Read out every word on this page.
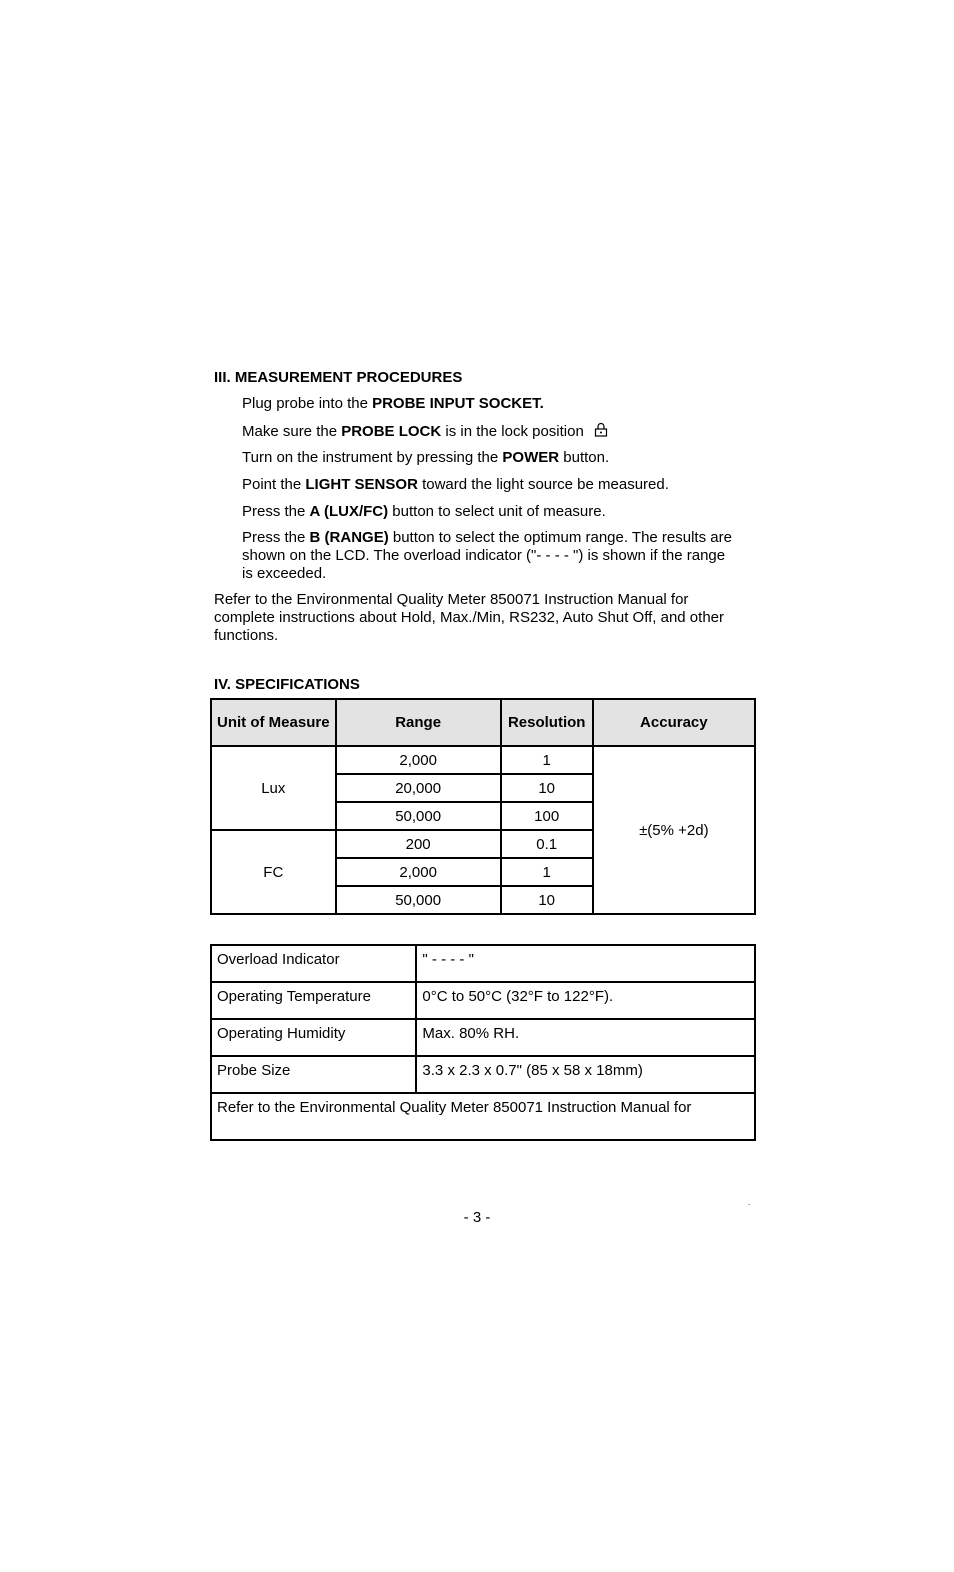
III. MEASUREMENT PROCEDURES
Plug probe into the PROBE INPUT SOCKET.
Make sure the PROBE LOCK is in the lock position
Turn on the instrument by pressing the POWER button.
Point the LIGHT SENSOR toward the light source be measured.
Press the A (LUX/FC) button to select unit of measure.
Press the B (RANGE) button to select the optimum range. The results are shown on the LCD. The overload indicator ("- - - - ") is shown if the range is exceeded.
Refer to the Environmental Quality Meter 850071 Instruction Manual for complete instructions about Hold, Max./Min, RS232, Auto Shut Off, and other functions.
IV. SPECIFICATIONS
Unit of Measure	Range	Resolution	Accuracy
Lux	2,000	1	±(5% +2d)
	20,000	10	
	50,000	100	
FC	200	0.1	
	2,000	1	
	50,000	10	
Overload Indicator	" - - - - "
Operating Temperature	0°C to 50°C (32°F to 122°F).
Operating Humidity	Max. 80% RH.
Probe Size	3.3 x 2.3 x 0.7" (85 x 58 x 18mm)
Refer to the Environmental Quality Meter 850071 Instruction Manual for	
.
- 3 -
